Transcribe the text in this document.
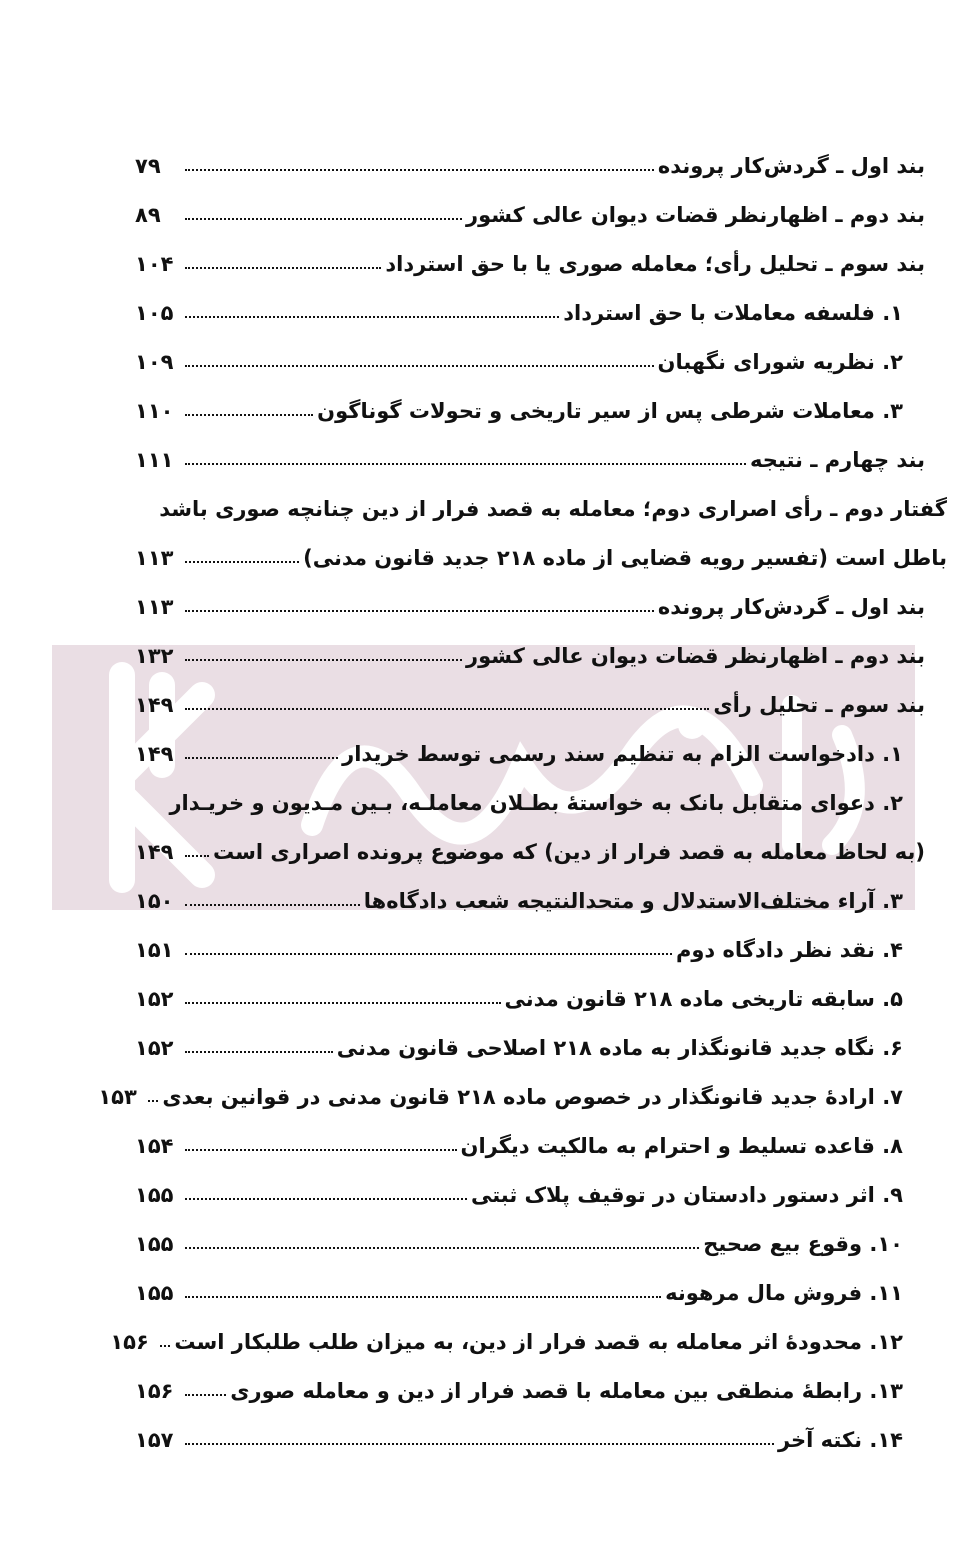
بند اول ـ گردش‌کار پرونده
۷۹
بند دوم ـ اظهارنظر قضات دیوان عالی کشور
۸۹
بند سوم ـ تحلیل رأی؛ معامله صوری یا با حق استرداد
۱۰۴
۱. فلسفه معاملات با حق استرداد
۱۰۵
۲. نظریه شورای نگهبان
۱۰۹
۳. معاملات شرطی پس از سیر تاریخی و تحولات گوناگون
۱۱۰
بند چهارم ـ نتیجه
۱۱۱
گفتار دوم ـ رأی اصراری دوم؛ معامله به قصد فرار از دین چنانچه صوری باشد
باطل است (تفسیر رویه قضایی از ماده ۲۱۸ جدید قانون مدنی)
۱۱۳
بند اول ـ گردش‌کار پرونده
۱۱۳
بند دوم ـ اظهارنظر قضات دیوان عالی کشور
۱۳۲
بند سوم ـ تحلیل رأی
۱۴۹
۱. دادخواست الزام به تنظیم سند رسمی توسط خریدار
۱۴۹
۲. دعوای متقابل بانک به خواستهٔ بطـلان معاملـه، بـین مـدیون و خریـدار
(به لحاظ معامله به قصد فرار از دین) که موضوع پرونده اصراری است
۱۴۹
۳. آراء مختلف‌الاستدلال و متحدالنتیجه شعب دادگاه‌ها
۱۵۰
۴. نقد نظر دادگاه دوم
۱۵۱
۵. سابقه تاریخی ماده ۲۱۸ قانون مدنی
۱۵۲
۶. نگاه جدید قانونگذار به ماده ۲۱۸ اصلاحی قانون مدنی
۱۵۲
۷. ارادهٔ جدید قانونگذار در خصوص ماده ۲۱۸ قانون مدنی در قوانین بعدی
۱۵۳
۸. قاعده تسلیط و احترام به مالکیت دیگران
۱۵۴
۹. اثر دستور دادستان در توقیف پلاک ثبتی
۱۵۵
۱۰. وقوع بیع صحیح
۱۵۵
۱۱. فروش مال مرهونه
۱۵۵
۱۲. محدودهٔ اثر معامله به قصد فرار از دین، به میزان طلب طلبکار است
۱۵۶
۱۳. رابطهٔ منطقی بین معامله با قصد فرار از دین و معامله صوری
۱۵۶
۱۴. نکته آخر
۱۵۷
